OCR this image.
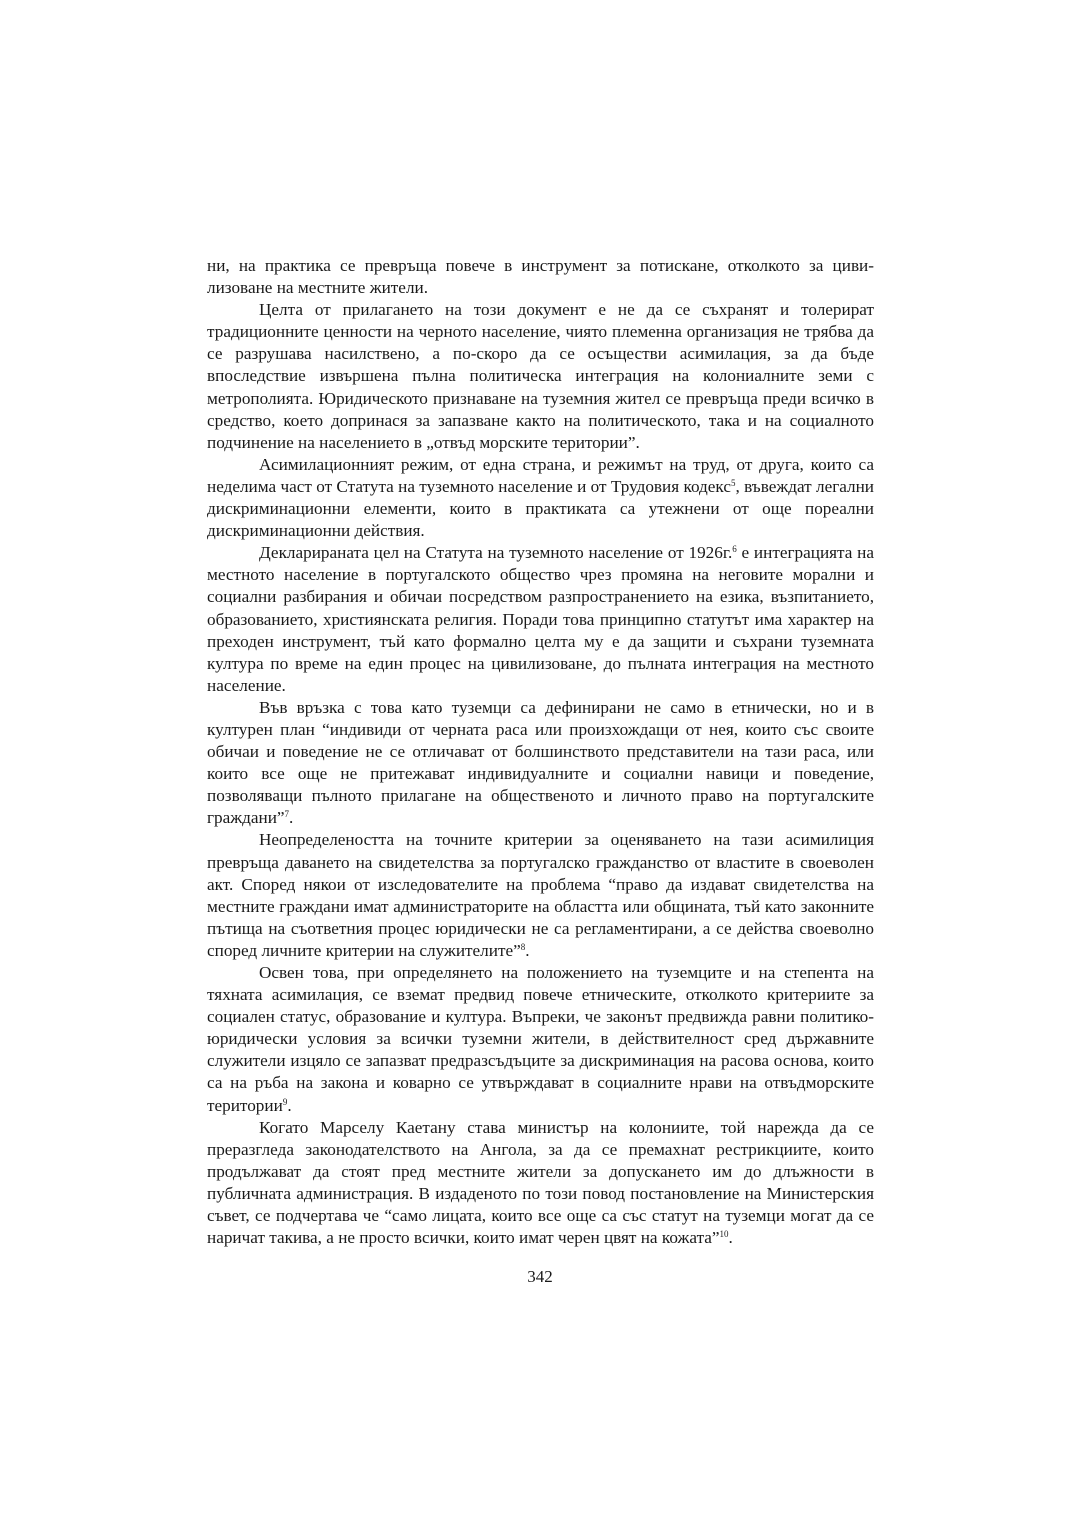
ни, на практика се превръща повече в инструмент за потискане, отколкото за цивилизоване на местните жители.

Целта от прилагането на този документ е не да се съхранят и толерират традиционните ценности на черното население, чиято племенна организация не трябва да се разрушава насилствено, а по-скоро да се осъществи асимилация, за да бъде впоследствие извършена пълна политическа интеграция на колониалните земи с метрополията. Юридическото признаване на туземния жител се превръща преди всичко в средство, което допринася за запазване както на политическото, така и на социалното подчинение на населението в „отвъд морските територии”.

Асимилационният режим, от една страна, и режимът на труд, от друга, които са неделима част от Статута на туземното население и от Трудовия кодекс$^5$, въвеждат легални дискриминационни елементи, които в практиката са утежнени от още пореални дискриминационни действия.

Декларираната цел на Статута на туземното население от 1926г.$^6$ е интеграцията на местното население в португалското общество чрез промяна на неговите морални и социални разбирания и обичаи посредством разпространението на езика, възпитанието, образованието, християнската религия. Поради това принципно статутът има характер на преходен инструмент, тъй като формално целта му е да защити и съхрани туземната култура по време на един процес на цивилизоване, до пълната интеграция на местното население.

Във връзка с това като туземци са дефинирани не само в етнически, но и в културен план “индивиди от черната раса или произхождащи от нея, които със своите обичаи и поведение не се отличават от болшинството представители на тази раса, или които все още не притежават индивидуалните и социални навици и поведение, позволяващи пълното прилагане на общественото и личното право на португалските граждани”$^7$.

Неопределеността на точните критерии за оценяването на тази асимилиция превръща даването на свидетелства за португалско гражданство от властите в своеволен акт. Според някои от изследователите на проблема “право да издават свидетелства на местните граждани имат администраторите на областта или общината, тъй като законните пътища на съответния процес юридически не са регламентирани, а се действа своеволно според личните критерии на служителите”$^8$.

Освен това, при определянето на положението на туземците и на степента на тяхната асимилация, се вземат предвид повече етническите, отколкото критериите за социален статус, образование и култура. Въпреки, че законът предвижда равни политико-юридически условия за всички туземни жители, в действителност сред държавните служители изцяло се запазват предразсъдъците за дискриминация на расова основа, които са на ръба на закона и коварно се утвърждават в социалните нрави на отвъдморските територии$^9$.

Когато Марселу Каетану става министър на колониите, той нарежда да се преразгледа законодателството на Ангола, за да се премахнат рестрикциите, които продължават да стоят пред местните жители за допускането им до длъжности в публичната администрация. В издаденото по този повод постановление на Министерския съвет, се подчертава че “само лицата, които все още са със статут на туземци могат да се наричат такива, а не просто всички, които имат черен цвят на кожата”$^{10}$.

342
